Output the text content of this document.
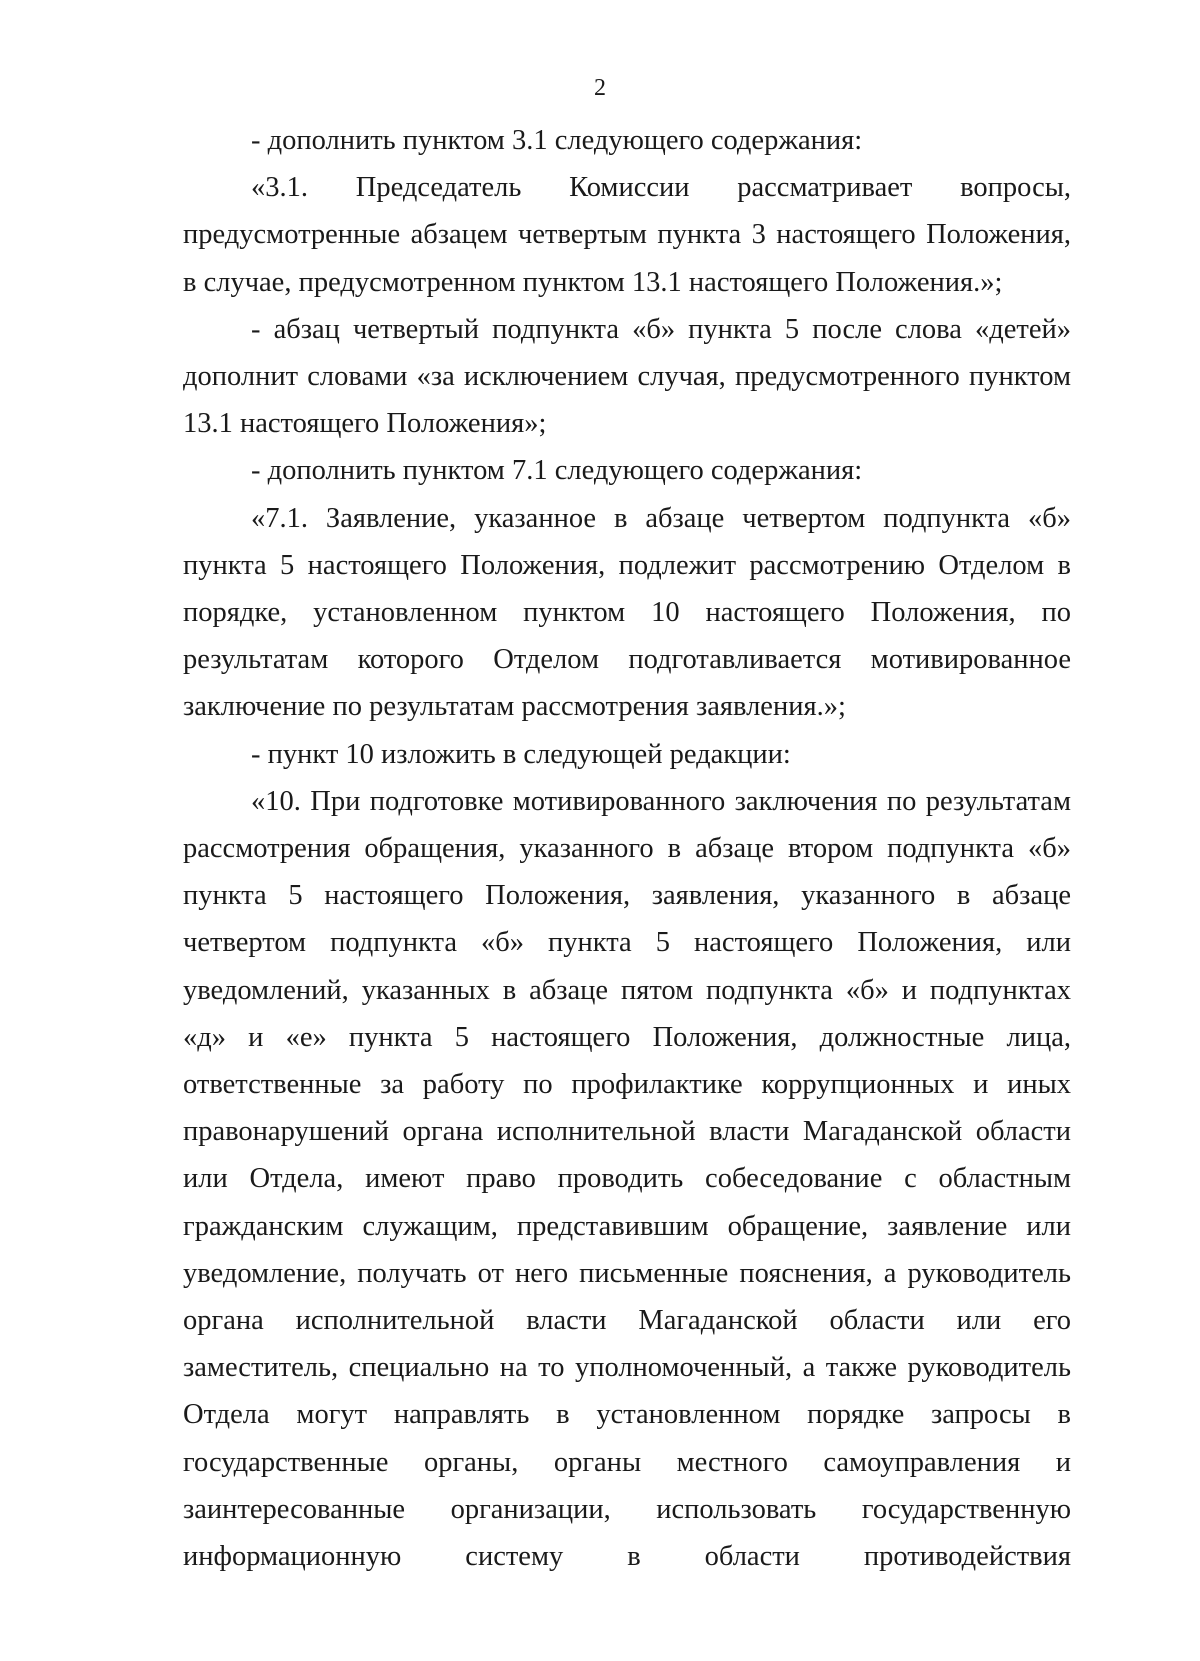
2

- дополнить пунктом 3.1 следующего содержания:

«3.1. Председатель Комиссии рассматривает вопросы, предусмотренные абзацем четвертым пункта 3 настоящего Положения, в случае, предусмотренном пунктом 13.1 настоящего Положения.»;

- абзац четвертый подпункта «б» пункта 5 после слова «детей» дополнит словами «за исключением случая, предусмотренного пунктом 13.1 настоящего Положения»;

- дополнить пунктом 7.1 следующего содержания:

«7.1. Заявление, указанное в абзаце четвертом подпункта «б» пункта 5 настоящего Положения, подлежит рассмотрению Отделом в порядке, установленном пунктом 10 настоящего Положения, по результатам которого Отделом подготавливается мотивированное заключение по результатам рассмотрения заявления.»;

- пункт 10 изложить в следующей редакции:

«10. При подготовке мотивированного заключения по результатам рассмотрения обращения, указанного в абзаце втором подпункта «б» пункта 5 настоящего Положения, заявления, указанного в абзаце четвертом подпункта «б» пункта 5 настоящего Положения, или уведомлений, указанных в абзаце пятом подпункта «б» и подпунктах «д» и «е» пункта 5 настоящего Положения, должностные лица, ответственные за работу по профилактике коррупционных и иных правонарушений органа исполнительной власти Магаданской области или Отдела, имеют право проводить собеседование с областным гражданским служащим, представившим обращение, заявление или уведомление, получать от него письменные пояснения, а руководитель органа исполнительной власти Магаданской области или его заместитель, специально на то уполномоченный, а также руководитель Отдела могут направлять в установленном порядке запросы в государственные органы, органы местного самоуправления и заинтересованные организации, использовать государственную информационную систему в области противодействия
